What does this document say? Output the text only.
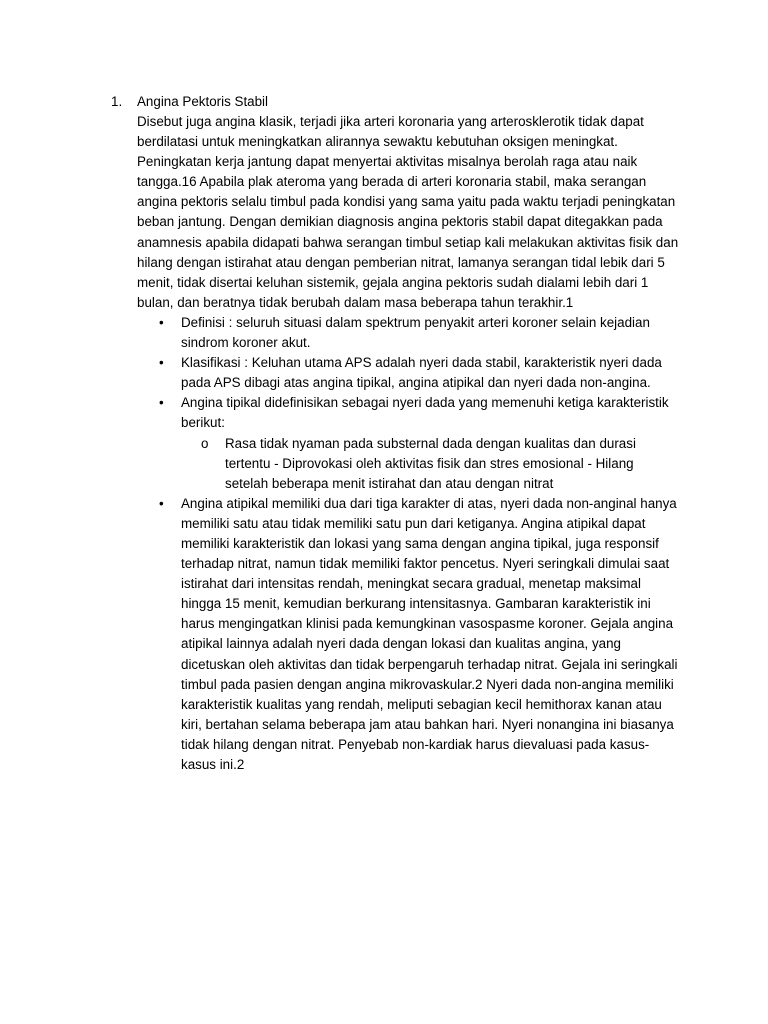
1. Angina Pektoris Stabil

Disebut juga angina klasik, terjadi jika arteri koronaria yang arterosklerotik tidak dapat berdilatasi untuk meningkatkan alirannya sewaktu kebutuhan oksigen meningkat. Peningkatan kerja jantung dapat menyertai aktivitas misalnya berolah raga atau naik tangga.16 Apabila plak ateroma yang berada di arteri koronaria stabil, maka serangan angina pektoris selalu timbul pada kondisi yang sama yaitu pada waktu terjadi peningkatan beban jantung. Dengan demikian diagnosis angina pektoris stabil dapat ditegakkan pada anamnesis apabila didapati bahwa serangan timbul setiap kali melakukan aktivitas fisik dan hilang dengan istirahat atau dengan pemberian nitrat, lamanya serangan tidal lebik dari 5 menit, tidak disertai keluhan sistemik, gejala angina pektoris sudah dialami lebih dari 1 bulan, dan beratnya tidak berubah dalam masa beberapa tahun terakhir.1

• Definisi : seluruh situasi dalam spektrum penyakit arteri koroner selain kejadian sindrom koroner akut.
• Klasifikasi : Keluhan utama APS adalah nyeri dada stabil, karakteristik nyeri dada pada APS dibagi atas angina tipikal, angina atipikal dan nyeri dada non-angina.
• Angina tipikal didefinisikan sebagai nyeri dada yang memenuhi ketiga karakteristik berikut:
o Rasa tidak nyaman pada substernal dada dengan kualitas dan durasi tertentu - Diprovokasi oleh aktivitas fisik dan stres emosional - Hilang setelah beberapa menit istirahat dan atau dengan nitrat
• Angina atipikal memiliki dua dari tiga karakter di atas, nyeri dada non-anginal hanya memiliki satu atau tidak memiliki satu pun dari ketiganya. Angina atipikal dapat memiliki karakteristik dan lokasi yang sama dengan angina tipikal, juga responsif terhadap nitrat, namun tidak memiliki faktor pencetus. Nyeri seringkali dimulai saat istirahat dari intensitas rendah, meningkat secara gradual, menetap maksimal hingga 15 menit, kemudian berkurang intensitasnya. Gambaran karakteristik ini harus mengingatkan klinisi pada kemungkinan vasospasme koroner. Gejala angina atipikal lainnya adalah nyeri dada dengan lokasi dan kualitas angina, yang dicetuskan oleh aktivitas dan tidak berpengaruh terhadap nitrat. Gejala ini seringkali timbul pada pasien dengan angina mikrovaskular.2 Nyeri dada non-angina memiliki karakteristik kualitas yang rendah, meliputi sebagian kecil hemithorax kanan atau kiri, bertahan selama beberapa jam atau bahkan hari. Nyeri nonangina ini biasanya tidak hilang dengan nitrat. Penyebab non-kardiak harus dievaluasi pada kasus-kasus ini.2
